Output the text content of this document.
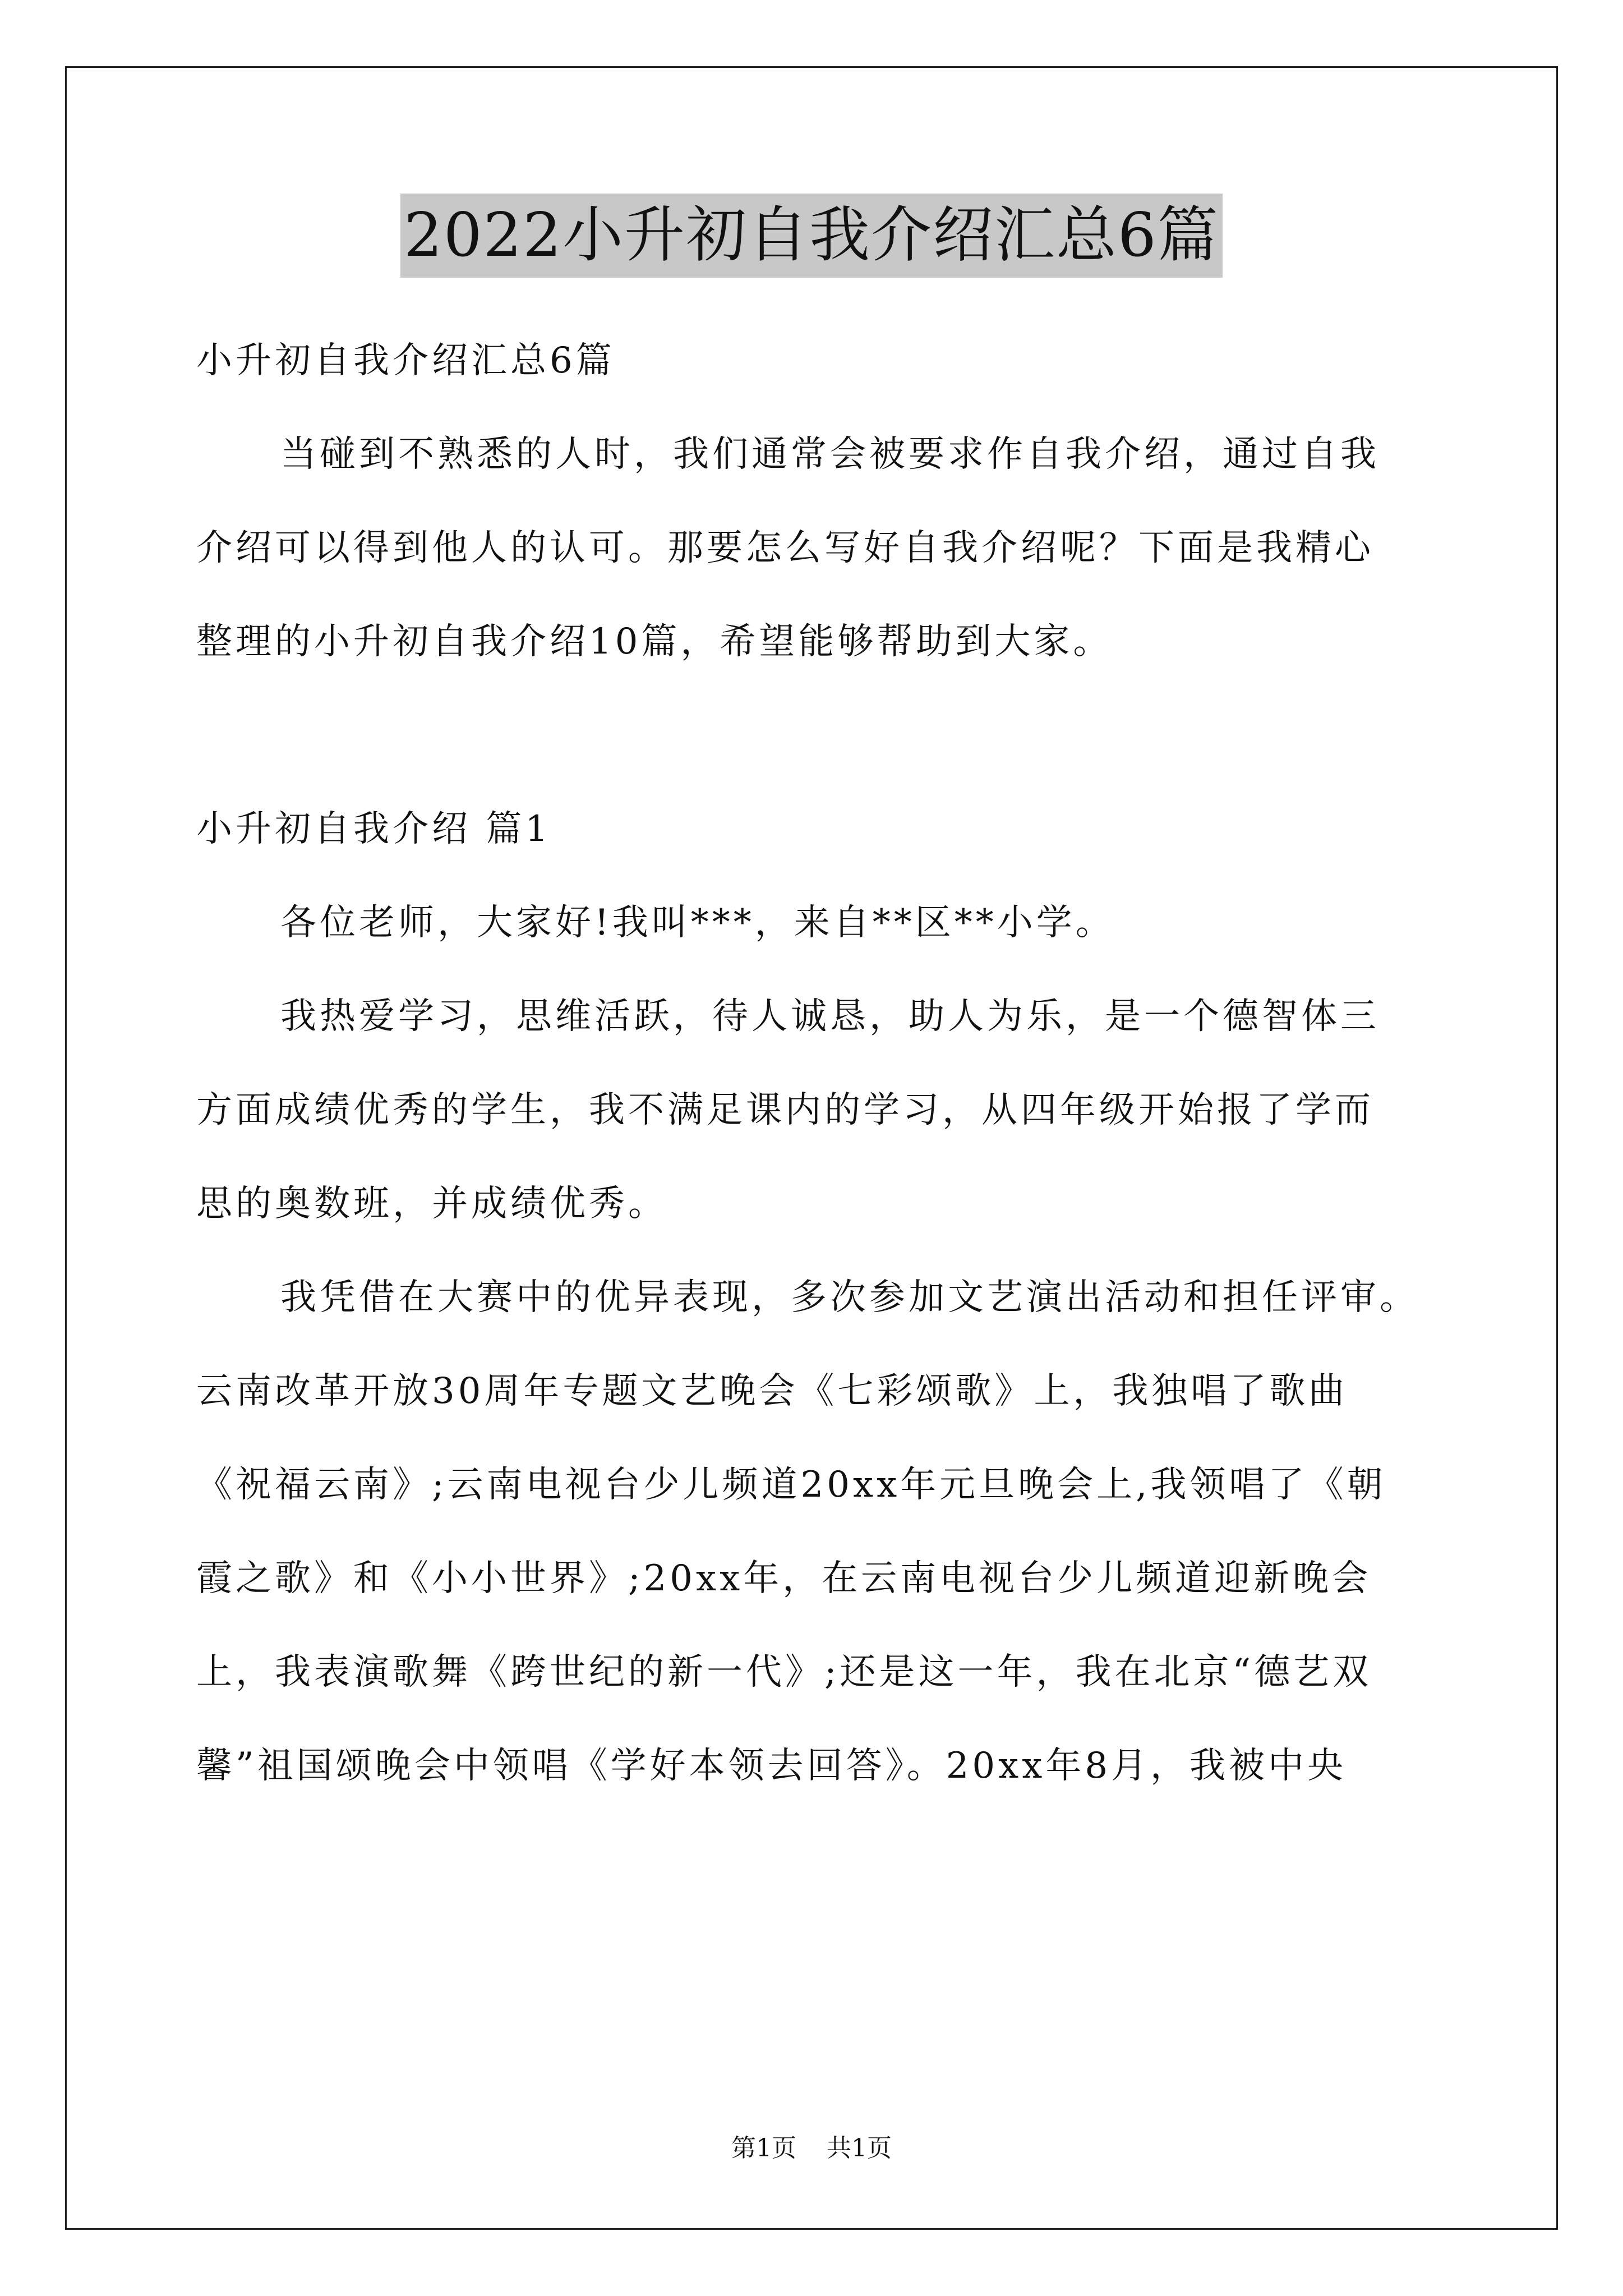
2022小升初自我介绍汇总6篇
小升初自我介绍汇总6篇
当碰到不熟悉的人时，我们通常会被要求作自我介绍，通过自我
介绍可以得到他人的认可。那要怎么写好自我介绍呢？下面是我精心
整理的小升初自我介绍10篇，希望能够帮助到大家。
小升初自我介绍 篇1
各位老师，大家好!我叫***，来自**区**小学。
我热爱学习，思维活跃，待人诚恳，助人为乐，是一个德智体三
方面成绩优秀的学生，我不满足课内的学习，从四年级开始报了学而
思的奥数班，并成绩优秀。
我凭借在大赛中的优异表现，多次参加文艺演出活动和担任评审。
云南改革开放30周年专题文艺晚会《七彩颂歌》上，我独唱了歌曲
《祝福云南》;云南电视台少儿频道20xx年元旦晚会上,我领唱了《朝
霞之歌》和《小小世界》;20xx年，在云南电视台少儿频道迎新晚会
上，我表演歌舞《跨世纪的新一代》;还是这一年，我在北京“德艺双
馨”祖国颂晚会中领唱《学好本领去回答》。20xx年8月，我被中央
第1页 共1页
